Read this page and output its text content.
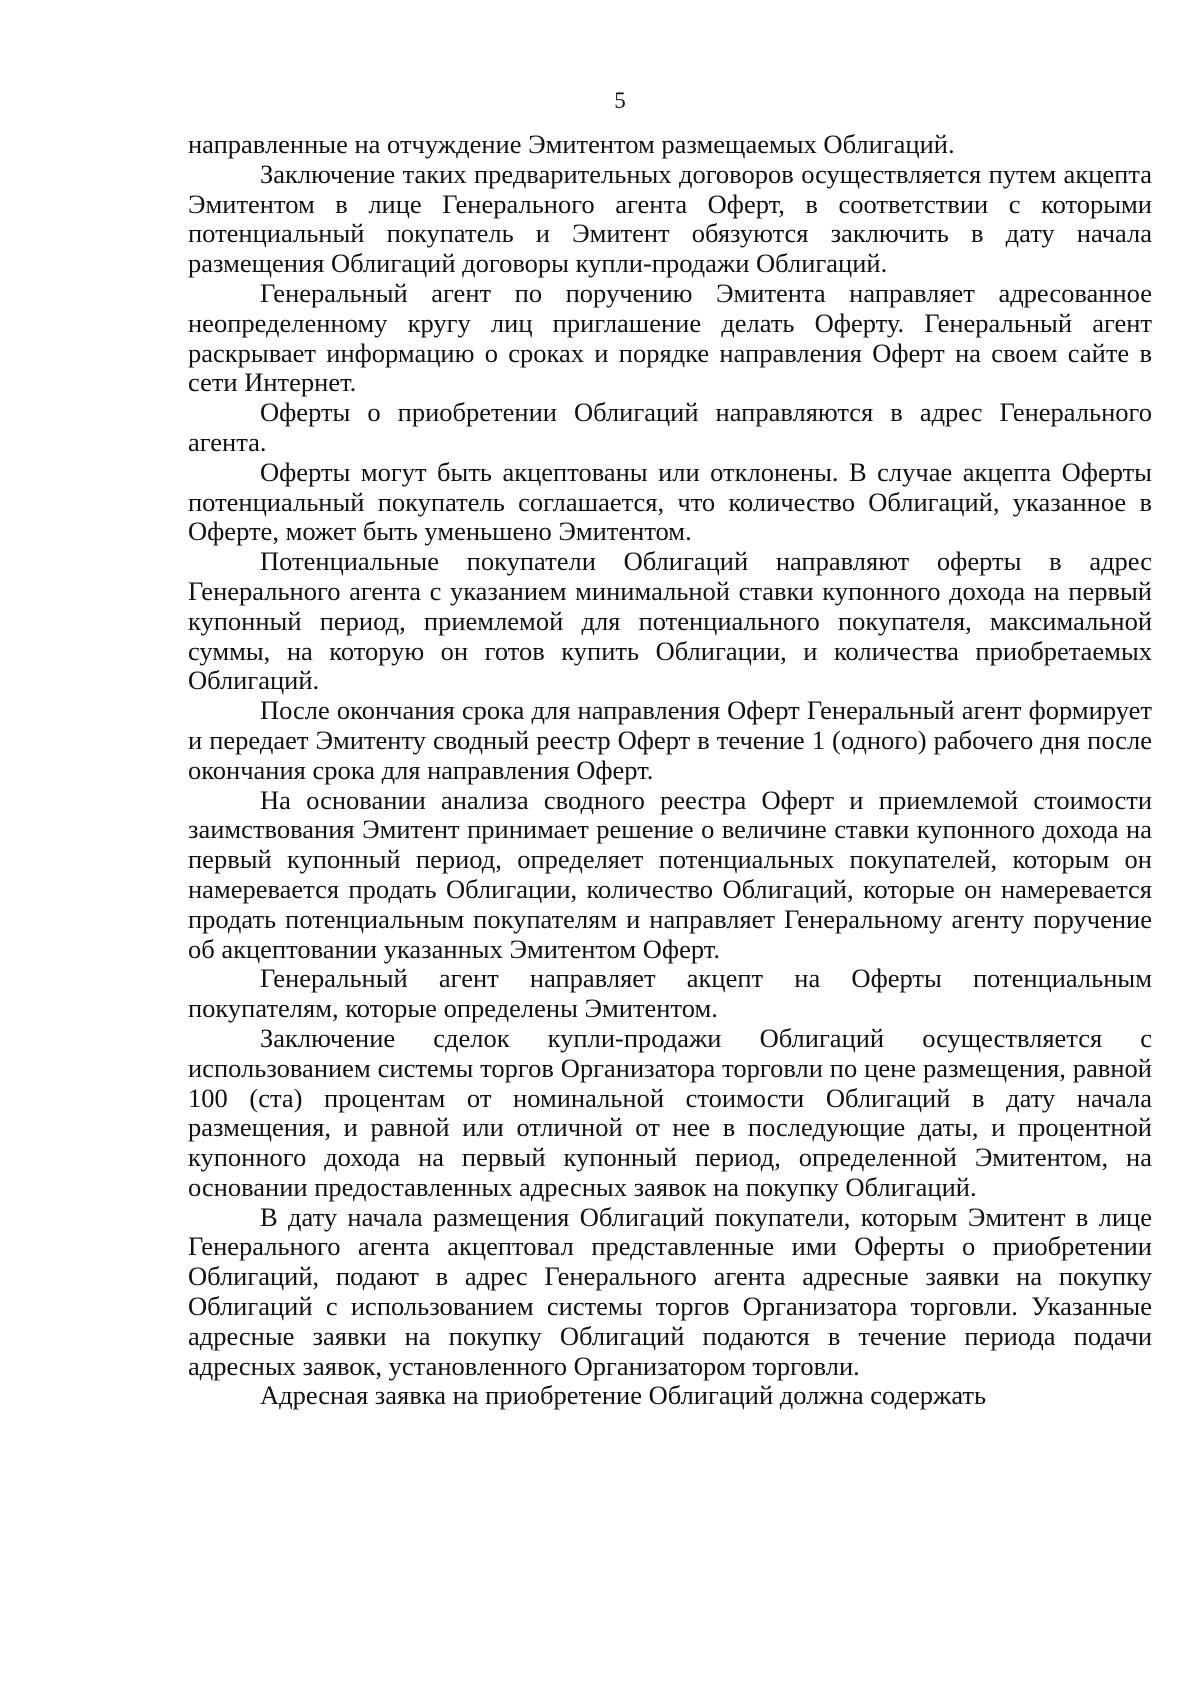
5

направленные на отчуждение Эмитентом размещаемых Облигаций.

Заключение таких предварительных договоров осуществляется путем акцепта Эмитентом в лице Генерального агента Оферт, в соответствии с которыми потенциальный покупатель и Эмитент обязуются заключить в дату начала размещения Облигаций договоры купли-продажи Облигаций.

Генеральный агент по поручению Эмитента направляет адресованное неопределенному кругу лиц приглашение делать Оферту. Генеральный агент раскрывает информацию о сроках и порядке направления Оферт на своем сайте в сети Интернет.

Оферты о приобретении Облигаций направляются в адрес Генерального агента.

Оферты могут быть акцептованы или отклонены. В случае акцепта Оферты потенциальный покупатель соглашается, что количество Облигаций, указанное в Оферте, может быть уменьшено Эмитентом.

Потенциальные покупатели Облигаций направляют оферты в адрес Генерального агента с указанием минимальной ставки купонного дохода на первый купонный период, приемлемой для потенциального покупателя, максимальной суммы, на которую он готов купить Облигации, и количества приобретаемых Облигаций.

После окончания срока для направления Оферт Генеральный агент формирует и передает Эмитенту сводный реестр Оферт в течение 1 (одного) рабочего дня после окончания срока для направления Оферт.

На основании анализа сводного реестра Оферт и приемлемой стоимости заимствования Эмитент принимает решение о величине ставки купонного дохода на первый купонный период, определяет потенциальных покупателей, которым он намеревается продать Облигации, количество Облигаций, которые он намеревается продать потенциальным покупателям и направляет Генеральному агенту поручение об акцептовании указанных Эмитентом Оферт.

Генеральный агент направляет акцепт на Оферты потенциальным покупателям, которые определены Эмитентом.

Заключение сделок купли-продажи Облигаций осуществляется с использованием системы торгов Организатора торговли по цене размещения, равной 100 (ста) процентам от номинальной стоимости Облигаций в дату начала размещения, и равной или отличной от нее в последующие даты, и процентной купонного дохода на первый купонный период, определенной Эмитентом, на основании предоставленных адресных заявок на покупку Облигаций.

В дату начала размещения Облигаций покупатели, которым Эмитент в лице Генерального агента акцептовал представленные ими Оферты о приобретении Облигаций, подают в адрес Генерального агента адресные заявки на покупку Облигаций с использованием системы торгов Организатора торговли. Указанные адресные заявки на покупку Облигаций подаются в течение периода подачи адресных заявок, установленного Организатором торговли.

Адресная заявка на приобретение Облигаций должна содержать
